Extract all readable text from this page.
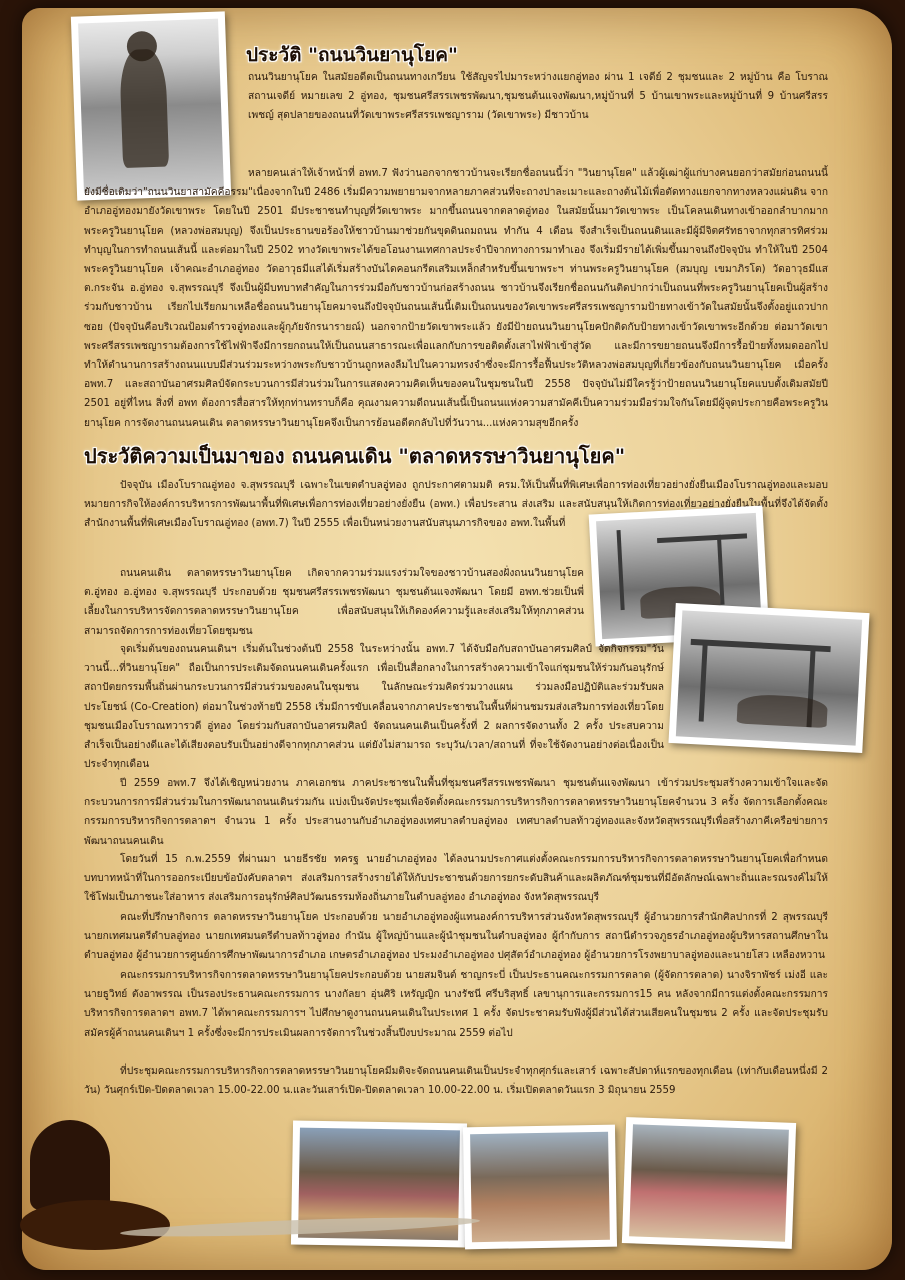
ประวัติ "ถนนวินยานุโยค"

ถนนวินยานุโยค ในสมัยอดีตเป็นถนนทางเกวียน ใช้สัญจรไปมาระหว่างแยกอู่ทอง ผ่าน 1 เจดีย์ 2 ชุมชนและ 2 หมู่บ้าน คือ โบราณสถานเจดีย์ หมายเลข 2 อู่ทอง, ชุมชนศรีสรรเพชรพัฒนา,ชุมชนต้นแจงพัฒนา,หมู่บ้านที่ 5 บ้านเขาพระและหมู่บ้านที่ 9 บ้านศรีสรรเพชญ์ สุดปลายของถนนที่วัดเขาพระศรีสรรเพชญาราม (วัดเขาพระ) มีชาวบ้าน

หลายคนเล่าให้เจ้าหน้าที่ อพท.7 ฟังว่านอกจากชาวบ้านจะเรียกชื่อถนนนี้ว่า "วินยานุโยค" แล้วผู้เฒ่าผู้แก่บางคนยอกว่าสมัยก่อนถนนนี้ยังมีชื่อเดิมว่า"ถนนวินยาสามัคคีอรรม"เนื่องจากในปี 2486 เริ่มมีความพยายามจากหลายภาคส่วนที่จะถางปาละเมาะและถางต้นไม้เพื่อตัดทางแยกจากทางหลวงแผ่นดิน จากอำเภออู่ทองมายังวัดเขาพระ โดยในปี 2501 มีประชาชนทำบุญที่วัดเขาพระ มากขึ้นถนนจากตลาดอู่ทอง ในสมัยนั้นมาวัดเขาพระ เป็นโคลนเดินทางเข้าออกลำบากมากพระครูวินยานุโยค (หลวงพ่อสมบุญ) จึงเป็นประธานขอร้องให้ชาวบ้านมาช่วยกันขุดดินถมถนน ทำกัน 4 เดือน จึงสำเร็จเป็นถนนดินและมีผู้มีจิตศรัทธาจากทุกสารทิศร่วมทำบุญในการทำถนนเส้นนี้ และต่อมาในปี 2502 ทางวัดเขาพระได้ขอโอนงานเทศกาลประจำปีจากทางการมาทำเอง จึงเริ่มมีรายได้เพิ่มขึ้นมาจนถึงปัจจุบัน ทำให้ในปี 2504 พระครูวินยานุโยค เจ้าคณะอำเภออู่ทอง วัดอาวุธมีแสได้เริ่มสร้างบันไดคอนกรีตเสริมเหล็กสำหรับขึ้นเขาพระฯ ท่านพระครูวินยานุโยค (สมบุญ เขมาภิรโต) วัดอาวุธมีแส ต.กระจัน อ.อู่ทอง จ.สุพรรณบุรี จึงเป็นผู้มีบทบาทสำคัญในการร่วมมือกับชาวบ้านก่อสร้างถนน ชาวบ้านจึงเรียกชื่อถนนกันติดปากว่าเป็นถนนที่พระครูวินยานุโยคเป็นผู้สร้างร่วมกับชาวบ้าน เรียกไปเรียกมาเหลือชื่อถนนวินยานุโยคมาจนถึงปัจจุบันถนนเส้นนี้เดิมเป็นถนนของวัดเขาพระศรีสรรเพชญารามป้ายทางเข้าวัดในสมัยนั้นจึงตั้งอยู่แถวปากซอย (ปัจจุบันคือบริเวณป้อมตำรวจอู่ทองและผู้กุภัยจักรนารายณ์) นอกจากป้ายวัดเขาพระแล้ว ยังมีป้ายถนนวินยานุโยคปักติดกับป้ายทางเข้าวัดเขาพระอีกด้วย ต่อมาวัดเขาพระศรีสรรเพชญารามต้องการใช้ไฟฟ้าจึงมีการยกถนนให้เป็นถนนสาธารณะเพื่อแลกกับการขอติดตั้งเสาไฟฟ้าเข้าสู่วัด และมีการขยายถนนจึงมีการรื้อป้ายทั้งหมดออกไป ทำให้ตำนานการสร้างถนนแบบมีส่วนร่วมระหว่างพระกับชาวบ้านถูกหลงลืมไปในความทรงจำซึ่งจะมีการรื้อฟื้นประวัติหลวงพ่อสมบุญที่เกี่ยวข้องกับถนนวินยานุโยค เมื่อครั้ง อพท.7 และสถาบันอาศรมศิลป์จัดกระบวนการมีส่วนร่วมในการแสดงความคิดเห็นของคนในชุมชนในปี 2558 ปัจจุบันไม่มีใครรู้ว่าป้ายถนนวินยานุโยคแบบตั้งเดิมสมัยปี 2501 อยู่ที่ไหน สิ่งที่ อพท ต้องการสื่อสารให้ทุกท่านทราบก็คือ คุณงามความดีถนนเส้นนี้เป็นถนนแห่งความสามัคคีเป็นความร่วมมือร่วมใจกันโดยมีผู้จุดประกายคือพระครูวินยานุโยค การจัดงานถนนคนเดิน ตลาดหรรษาวินยานุโยคจึงเป็นการย้อนอดีตกลับไปที่วันวาน...แห่งความสุขอีกครั้ง

ประวัติความเป็นมาของ ถนนคนเดิน "ตลาดหรรษาวินยานุโยค"

ปัจจุบัน เมืองโบราณอู่ทอง จ.สุพรรณบุรี เฉพาะในเขตตำบลอู่ทอง ถูกประกาศตามมติ ครม.ให้เป็นพื้นที่พิเศษเพื่อการท่องเที่ยวอย่างยั่งยืนเมืองโบราณอู่ทองและมอบหมายการกิจให้องค์การบริหารการพัฒนาพื้นที่พิเศษเพื่อการท่องเที่ยวอย่างยั่งยืน (อพท.) เพื่อประสาน ส่งเสริม และสนับสนุนให้เกิดการท่องเที่ยวอย่างยั่งยืนในพื้นที่จึงได้จัดตั้งสำนักงานพื้นที่พิเศษเมืองโบราณอู่ทอง (อพท.7) ในปี 2555 เพื่อเป็นหน่วยงานสนับสนุนภารกิจของ อพท.ในพื้นที่

ถนนคนเดิน ตลาดหรรษาวินยานุโยค เกิดจากความร่วมแรงร่วมใจของชาวบ้านสองฝั่งถนนวินยานุโยค ต.อู่ทอง อ.อู่ทอง จ.สุพรรณบุรี ประกอบด้วย ชุมชนศรีสรรเพชรพัฒนา ชุมชนต้นแจงพัฒนา โดยมี อพท.ช่วยเป็นพี่เลี้ยงในการบริหารจัดการตลาดหรรษาวินยานุโยค เพื่อสนับสนุนให้เกิดองค์ความรู้และส่งเสริมให้ทุกภาคส่วนสามารถจัดการการท่องเที่ยวโดยชุมชน

จุดเริ่มต้นของถนนคนเดินฯ เริ่มต้นในช่วงต้นปี 2558 ในระหว่างนั้น อพท.7 ได้จับมือกับสถาบันอาศรมศิลป์ จัดกิจกรรม"วันวานนี้...ที่วินยานุโยค" ถือเป็นการประเดิมจัดถนนคนเดินครั้งแรก เพื่อเป็นสื่อกลางในการสร้างความเข้าใจแก่ชุมชนให้ร่วมกันอนุรักษ์สถาปัตยกรรมพื้นถิ่นผ่านกระบวนการมีส่วนร่วมของคนในชุมชน ในลักษณะร่วมคิดร่วมวางแผน ร่วมลงมือปฏิบัติและร่วมรับผลประโยชน์ (Co-Creation) ต่อมาในช่วงท้ายปี 2558 เริ่มมีการขับเคลื่อนจากภาคประชาชนในพื้นที่ผ่านชมรมส่งเสริมการท่องเที่ยวโดยชุมชนเมืองโบราณทวารวดี อู่ทอง โดยร่วมกับสถาบันอาศรมศิลป์ จัดถนนคนเดินเป็นครั้งที่ 2 ผลการจัดงานทั้ง 2 ครั้ง ประสบความสำเร็จเป็นอย่างดีและได้เสียงตอบรับเป็นอย่างดีจากทุกภาคส่วน แต่ยังไม่สามารถ ระบุวัน/เวลา/สถานที่ ที่จะใช้จัดงานอย่างต่อเนื่องเป็นประจำทุกเดือน

ปี 2559 อพท.7 จึงได้เชิญหน่วยงาน ภาคเอกชน ภาคประชาชนในพื้นที่ชุมชนศรีสรรเพชรพัฒนา ชุมชนต้นแจงพัฒนา เข้าร่วมประชุมสร้างความเข้าใจและจัดกระบวนการการมีส่วนร่วมในการพัฒนาถนนเดินร่วมกัน แบ่งเป็นจัดประชุมเพื่อจัดตั้งคณะกรรมการบริหารกิจการตลาดหรรษาวินยานุโยคจำนวน 3 ครั้ง จัดการเลือกตั้งคณะกรรมการบริหารกิจการตลาดฯ จำนวน 1 ครั้ง ประสานงานกับอำเภออู่ทองเทศบาลตำบลอู่ทอง เทศบาลตำบลท้าวอู่ทองและจังหวัดสุพรรณบุรีเพื่อสร้างภาคีเครือข่ายการพัฒนาถนนคนเดิน

โดยวันที่ 15 ก.พ.2559 ที่ผ่านมา นายธีรชัย ทครฐ นายอำเภออู่ทอง ได้ลงนามประกาศแต่งตั้งคณะกรรมการบริหารกิจการตลาดหรรษาวินยานุโยคเพื่อกำหนดบทบาทหน้าที่ในการออกระเบียบข้อบังคับตลาดฯ ส่งเสริมการสร้างรายได้ให้กับประชาชนด้วยการยกระดับสินค้าและผลิตภัณฑ์ชุมชนที่มีอัตลักษณ์เฉพาะถิ่นและรณรงค์ไม่ให้ใช้โฟมเป็นภาชนะใส่อาหาร ส่งเสริมการอนุรักษ์ศิลปวัฒนธรรมท้องถิ่นภายในตำบลอู่ทอง อำเภออู่ทอง จังหวัดสุพรรณบุรี

คณะที่ปรึกษากิจการ ตลาดหรรษาวินยานุโยค ประกอบด้วย นายอำเภออู่ทองผู้แทนองค์การบริหารส่วนจังหวัดสุพรรณบุรี ผู้อำนวยการสำนักศิลปากรที่ 2 สุพรรณบุรี นายกเทศมนตรีตำบลอู่ทอง นายกเทศมนตรีตำบลท้าวอู่ทอง กำนัน ผู้ใหญ่บ้านและผู้นำชุมชนในตำบลอู่ทอง ผู้กำกับการ สถานีตำรวจภูธรอำเภออู่ทองผู้บริหารสถานศึกษาในตำบลอู่ทอง ผู้อำนวยการศูนย์การศึกษาพัฒนาการอำเภอ เกษตรอำเภออู่ทอง ประมงอำเภออู่ทอง ปศุสัตว์อำเภออู่ทอง ผู้อำนวยการโรงพยาบาลอู่ทองและนายโสว เหลืองหวาน

คณะกรรมการบริหารกิจการตลาดหรรษาวินยานุโยคประกอบด้วย นายสมจินต์ ชาญกระบี่ เป็นประธานคณะกรรมการตลาด (ผู้จัดการตลาด) นางจิราพัชร์ เม่งอี และนายธูวิทย์ ตังอาพรรณ เป็นรองประธานคณะกรรมการ นางกัลยา อุ่นศิริ เหรัญญิก นางรัชนี ศรีบริสุทธิ์ เลขานุการและกรรมการ15 คน หลังจากมีการแต่งตั้งคณะกรรมการบริหารกิจการตลาดฯ อพท.7 ได้พาคณะกรรมการฯ ไปศึกษาดูงานถนนคนเดินในประเทศ 1 ครั้ง จัดประชาคมรับฟังผู้มีส่วนได้ส่วนเสียคนในชุมชน 2 ครั้ง และจัดประชุมรับสมัครผู้ค้าถนนคนเดินฯ 1 ครั้งซึ่งจะมีการประเมินผลการจัดการในช่วงสิ้นปีงบประมาณ 2559 ต่อไป

ที่ประชุมคณะกรรมการบริหารกิจการตลาดหรรษาวินยานุโยคมีมติจะจัดถนนคนเดินเป็นประจำทุกศุกร์และเสาร์ เฉพาะสัปดาห์แรกของทุกเดือน (เท่ากับเดือนหนึ่งมี 2 วัน) วันศุกร์เปิด-ปิดตลาดเวลา 15.00-22.00 น.และวันเสาร์เปิด-ปิดตลาดเวลา 10.00-22.00 น. เริ่มเปิดตลาดวันแรก 3 มิถุนายน 2559
